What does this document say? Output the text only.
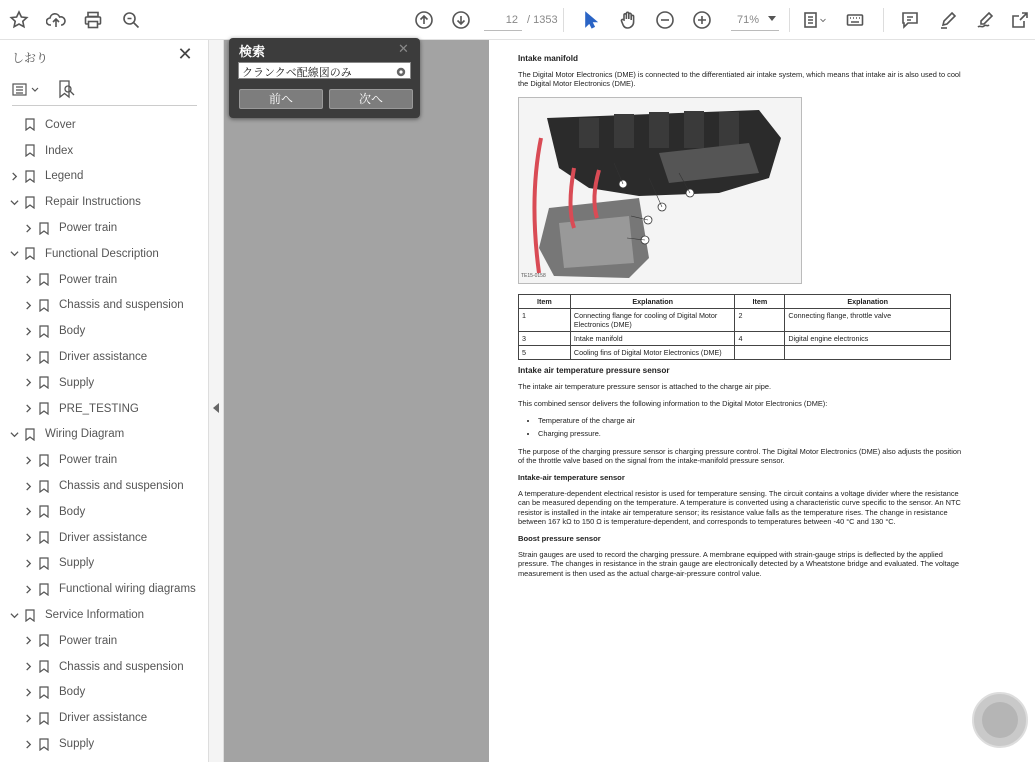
12 / 1353	71%
しおり	✕
Cover
Index
Legend
Repair Instructions
Power train
Functional Description
Power train
Chassis and suspension
Body
Driver assistance
Supply
PRE_TESTING
Wiring Diagram
Power train
Chassis and suspension
Body
Driver assistance
Supply
Functional wiring diagrams
Service Information
Power train
Chassis and suspension
Body
Driver assistance
Supply
検索	✕
クランクベ配線図のみ
前へ	次へ
Intake manifold

The Digital Motor Electronics (DME) is connected to the differentiated air intake system, which means that intake air is also used to cool the Digital Motor Electronics (DME).

TE15-0158
Item	Explanation	Item	Explanation
1	Connecting flange for cooling of Digital Motor Electronics (DME)	2	Connecting flange, throttle valve
3	Intake manifold	4	Digital engine electronics
5	Cooling fins of Digital Motor Electronics (DME)		
Intake air temperature pressure sensor

The intake air temperature pressure sensor is attached to the charge air pipe.

This combined sensor delivers the following information to the Digital Motor Electronics (DME):

• Temperature of the charge air
• Charging pressure.

The purpose of the charging pressure sensor is charging pressure control. The Digital Motor Electronics (DME) also adjusts the position of the throttle valve based on the signal from the intake-manifold pressure sensor.

Intake-air temperature sensor

A temperature-dependent electrical resistor is used for temperature sensing. The circuit contains a voltage divider where the resistance can be measured depending on the temperature. A temperature is converted using a characteristic curve specific to the sensor. An NTC resistor is installed in the intake air temperature sensor; its resistance value falls as the temperature rises. The change in resistance between 167 kΩ to 150 Ω is temperature-dependent, and corresponds to temperatures between -40 °C and 130 °C.

Boost pressure sensor

Strain gauges are used to record the charging pressure. A membrane equipped with strain-gauge strips is deflected by the applied pressure. The changes in resistance in the strain gauge are electronically detected by a Wheatstone bridge and evaluated. The voltage measurement is then used as the actual charge-air-pressure control value.
